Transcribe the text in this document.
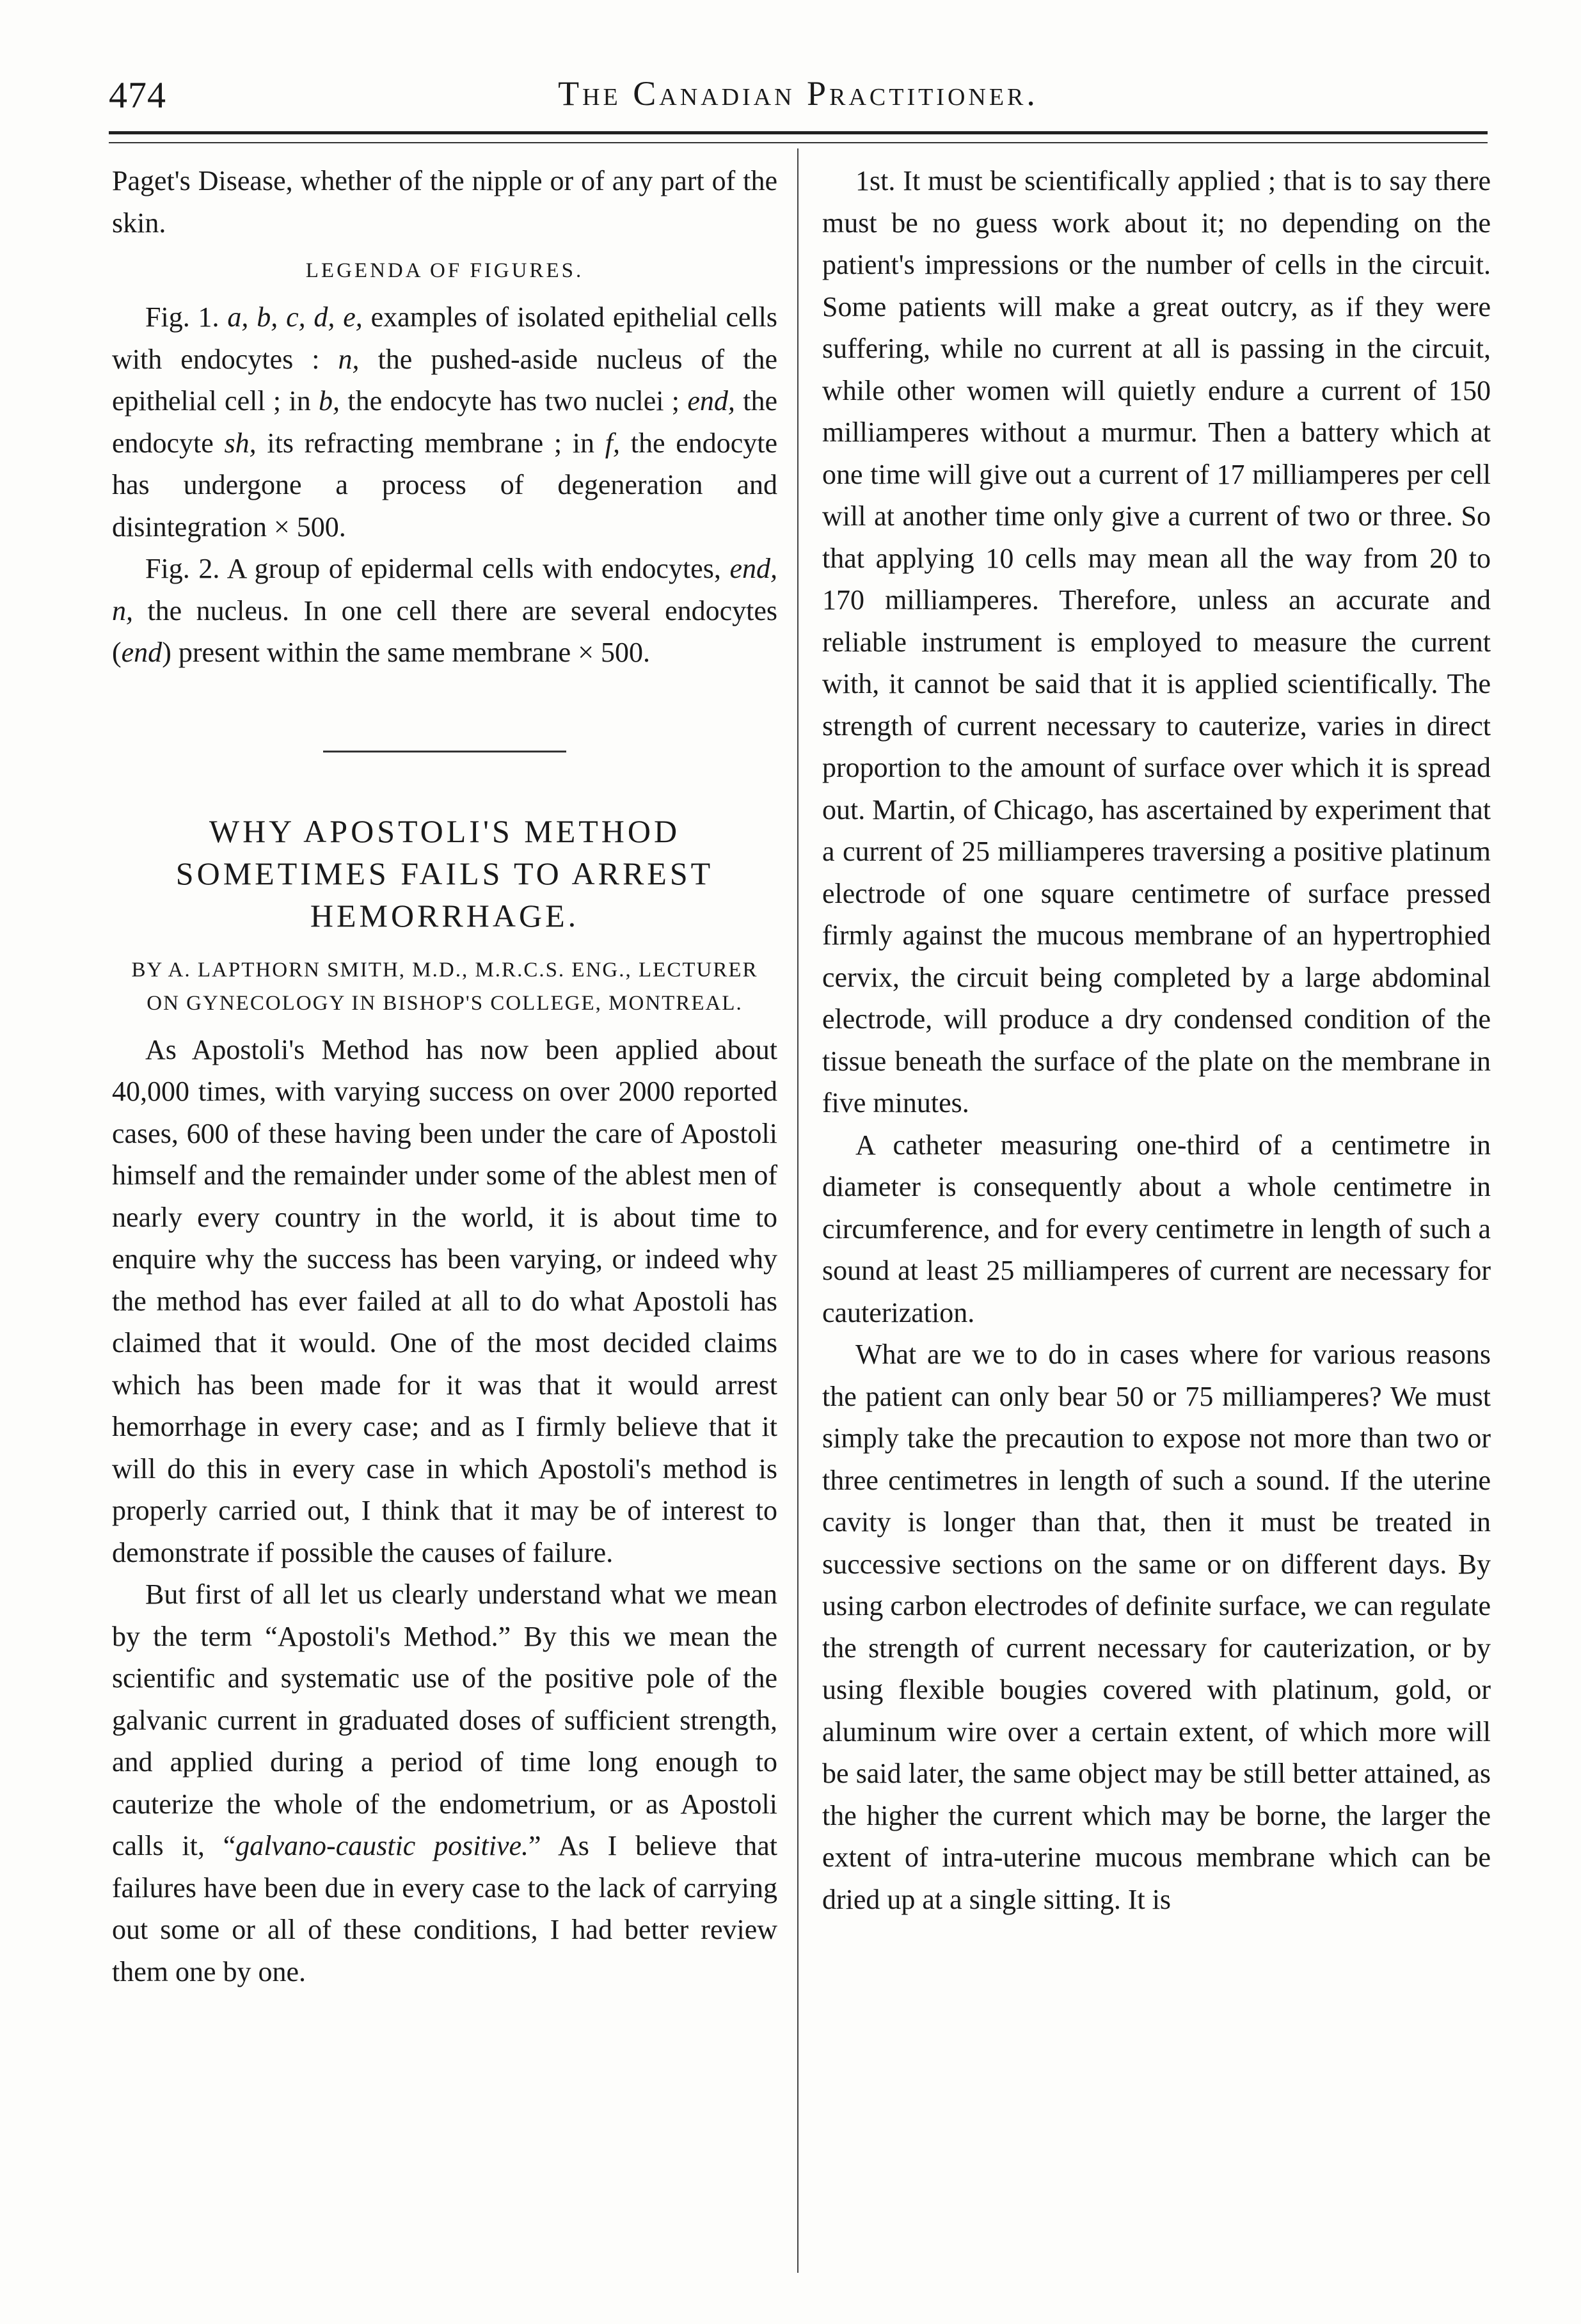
474	The Canadian Practitioner.

Paget's Disease, whether of the nipple or of any part of the skin.

LEGENDA OF FIGURES.

Fig. 1. a, b, c, d, e, examples of isolated epithelial cells with endocytes : n, the pushed-aside nucleus of the epithelial cell ; in b, the endocyte has two nuclei ; end, the endocyte sh, its refracting membrane ; in f, the endocyte has undergone a process of degeneration and disintegration × 500.

Fig. 2. A group of epidermal cells with endocytes, end, n, the nucleus. In one cell there are several endocytes (end) present within the same membrane × 500.

WHY APOSTOLI'S METHOD SOMETIMES FAILS TO ARREST HEMORRHAGE.
BY A. LAPTHORN SMITH, M.D., M.R.C.S. ENG., LECTURER ON GYNECOLOGY IN BISHOP'S COLLEGE, MONTREAL.

As Apostoli's Method has now been applied about 40,000 times, with varying success on over 2000 reported cases, 600 of these having been under the care of Apostoli himself and the remainder under some of the ablest men of nearly every country in the world, it is about time to enquire why the success has been varying, or indeed why the method has ever failed at all to do what Apostoli has claimed that it would. One of the most decided claims which has been made for it was that it would arrest hemorrhage in every case; and as I firmly believe that it will do this in every case in which Apostoli's method is properly carried out, I think that it may be of interest to demonstrate if possible the causes of failure.

But first of all let us clearly understand what we mean by the term “Apostoli's Method.” By this we mean the scientific and systematic use of the positive pole of the galvanic current in graduated doses of sufficient strength, and applied during a period of time long enough to cauterize the whole of the endometrium, or as Apostoli calls it, “galvano-caustic positive.” As I believe that failures have been due in every case to the lack of carrying out some or all of these conditions, I had better review them one by one.

1st. It must be scientifically applied ; that is to say there must be no guess work about it; no depending on the patient's impressions or the number of cells in the circuit. Some patients will make a great outcry, as if they were suffering, while no current at all is passing in the circuit, while other women will quietly endure a current of 150 milliamperes without a murmur. Then a battery which at one time will give out a current of 17 milliamperes per cell will at another time only give a current of two or three. So that applying 10 cells may mean all the way from 20 to 170 milliamperes. Therefore, unless an accurate and reliable instrument is employed to measure the current with, it cannot be said that it is applied scientifically. The strength of current necessary to cauterize, varies in direct proportion to the amount of surface over which it is spread out. Martin, of Chicago, has ascertained by experiment that a current of 25 milliamperes traversing a positive platinum electrode of one square centimetre of surface pressed firmly against the mucous membrane of an hypertrophied cervix, the circuit being completed by a large abdominal electrode, will produce a dry condensed condition of the tissue beneath the surface of the plate on the membrane in five minutes.

A catheter measuring one-third of a centimetre in diameter is consequently about a whole centimetre in circumference, and for every centimetre in length of such a sound at least 25 milliamperes of current are necessary for cauterization.

What are we to do in cases where for various reasons the patient can only bear 50 or 75 milliamperes? We must simply take the precaution to expose not more than two or three centimetres in length of such a sound. If the uterine cavity is longer than that, then it must be treated in successive sections on the same or on different days. By using carbon electrodes of definite surface, we can regulate the strength of current necessary for cauterization, or by using flexible bougies covered with platinum, gold, or aluminum wire over a certain extent, of which more will be said later, the same object may be still better attained, as the higher the current which may be borne, the larger the extent of intra-uterine mucous membrane which can be dried up at a single sitting. It is
